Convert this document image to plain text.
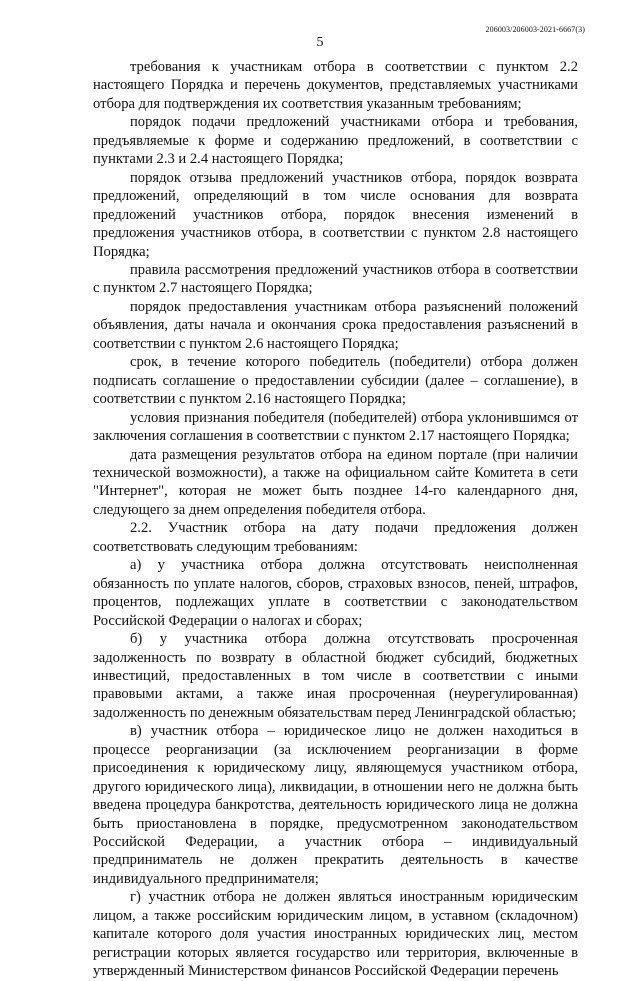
206003/206003-2021-6667(3)
5

требования к участникам отбора в соответствии с пунктом 2.2 настоящего Порядка и перечень документов, представляемых участниками отбора для подтверждения их соответствия указанным требованиям;

порядок подачи предложений участниками отбора и требования, предъявляемые к форме и содержанию предложений, в соответствии с пунктами 2.3 и 2.4 настоящего Порядка;

порядок отзыва предложений участников отбора, порядок возврата предложений, определяющий в том числе основания для возврата предложений участников отбора, порядок внесения изменений в предложения участников отбора, в соответствии с пунктом 2.8 настоящего Порядка;

правила рассмотрения предложений участников отбора в соответствии с пунктом 2.7 настоящего Порядка;

порядок предоставления участникам отбора разъяснений положений объявления, даты начала и окончания срока предоставления разъяснений в соответствии с пунктом 2.6 настоящего Порядка;

срок, в течение которого победитель (победители) отбора должен подписать соглашение о предоставлении субсидии (далее – соглашение), в соответствии с пунктом 2.16 настоящего Порядка;

условия признания победителя (победителей) отбора уклонившимся от заключения соглашения в соответствии с пунктом 2.17 настоящего Порядка;

дата размещения результатов отбора на едином портале (при наличии технической возможности), а также на официальном сайте Комитета в сети "Интернет", которая не может быть позднее 14-го календарного дня, следующего за днем определения победителя отбора.

2.2. Участник отбора на дату подачи предложения должен соответствовать следующим требованиям:

а) у участника отбора должна отсутствовать неисполненная обязанность по уплате налогов, сборов, страховых взносов, пеней, штрафов, процентов, подлежащих уплате в соответствии с законодательством Российской Федерации о налогах и сборах;

б) у участника отбора должна отсутствовать просроченная задолженность по возврату в областной бюджет субсидий, бюджетных инвестиций, предоставленных в том числе в соответствии с иными правовыми актами, а также иная просроченная (неурегулированная) задолженность по денежным обязательствам перед Ленинградской областью;

в) участник отбора – юридическое лицо не должен находиться в процессе реорганизации (за исключением реорганизации в форме присоединения к юридическому лицу, являющемуся участником отбора, другого юридического лица), ликвидации, в отношении него не должна быть введена процедура банкротства, деятельность юридического лица не должна быть приостановлена в порядке, предусмотренном законодательством Российской Федерации, а участник отбора – индивидуальный предприниматель не должен прекратить деятельность в качестве индивидуального предпринимателя;

г) участник отбора не должен являться иностранным юридическим лицом, а также российским юридическим лицом, в уставном (складочном) капитале которого доля участия иностранных юридических лиц, местом регистрации которых является государство или территория, включенные в утвержденный Министерством финансов Российской Федерации перечень
